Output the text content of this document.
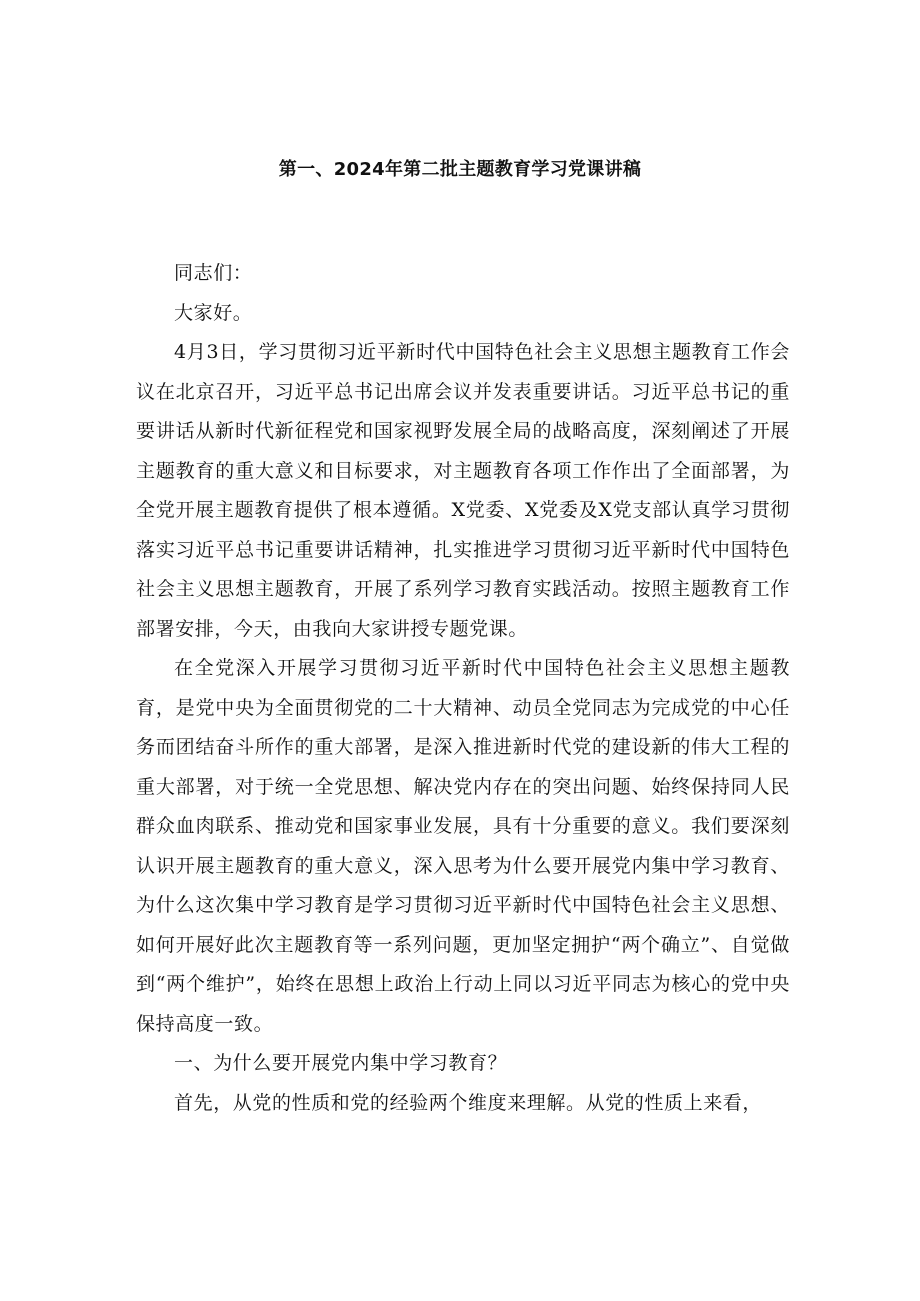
第一、2024年第二批主题教育学习党课讲稿

同志们：

大家好。

4月3日，学习贯彻习近平新时代中国特色社会主义思想主题教育工作会议在北京召开，习近平总书记出席会议并发表重要讲话。习近平总书记的重要讲话从新时代新征程党和国家视野发展全局的战略高度，深刻阐述了开展主题教育的重大意义和目标要求，对主题教育各项工作作出了全面部署，为全党开展主题教育提供了根本遵循。X党委、X党委及X党支部认真学习贯彻落实习近平总书记重要讲话精神，扎实推进学习贯彻习近平新时代中国特色社会主义思想主题教育，开展了系列学习教育实践活动。按照主题教育工作部署安排，今天，由我向大家讲授专题党课。

在全党深入开展学习贯彻习近平新时代中国特色社会主义思想主题教育，是党中央为全面贯彻党的二十大精神、动员全党同志为完成党的中心任务而团结奋斗所作的重大部署，是深入推进新时代党的建设新的伟大工程的重大部署，对于统一全党思想、解决党内存在的突出问题、始终保持同人民群众血肉联系、推动党和国家事业发展，具有十分重要的意义。我们要深刻认识开展主题教育的重大意义，深入思考为什么要开展党内集中学习教育、为什么这次集中学习教育是学习贯彻习近平新时代中国特色社会主义思想、如何开展好此次主题教育等一系列问题，更加坚定拥护“两个确立”、自觉做到“两个维护”，始终在思想上政治上行动上同以习近平同志为核心的党中央保持高度一致。

一、为什么要开展党内集中学习教育？

首先，从党的性质和党的经验两个维度来理解。从党的性质上来看，
